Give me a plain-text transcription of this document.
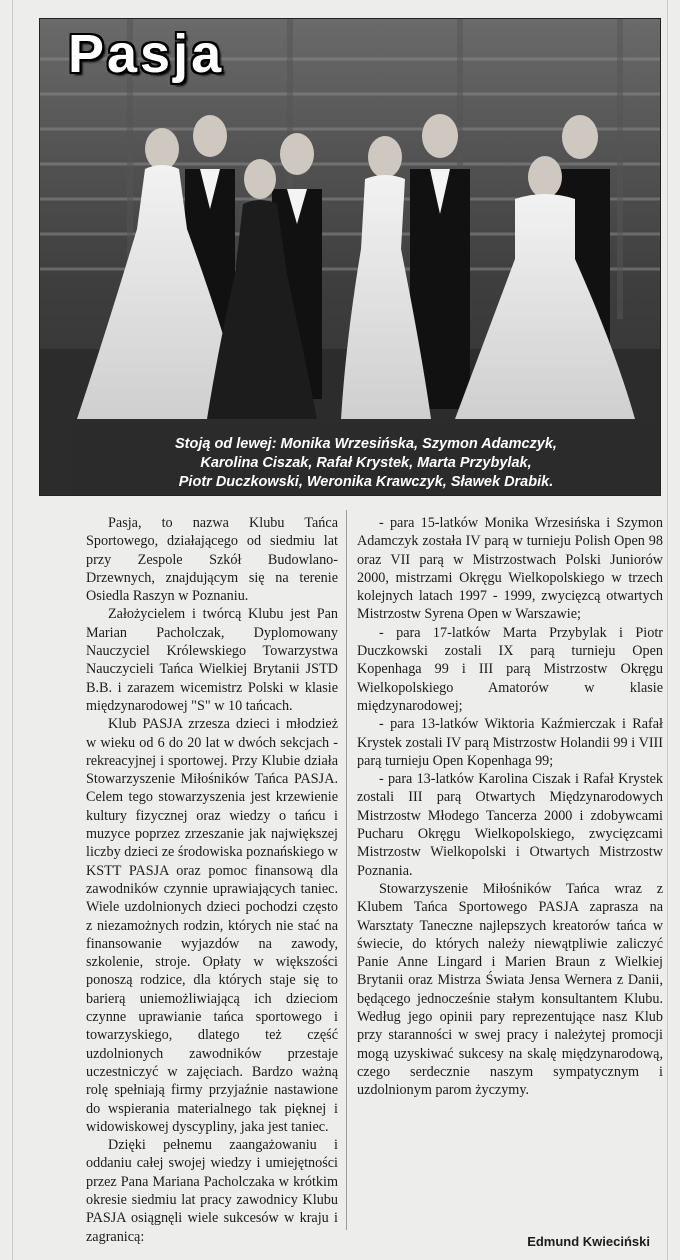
Pasja
Stoją od lewej: Monika Wrzesińska, Szymon Adamczyk,
Karolina Ciszak, Rafał Krystek, Marta Przybylak,
Piotr Duczkowski, Weronika Krawczyk, Sławek Drabik.

Pasja, to nazwa Klubu Tańca Sportowego, działającego od siedmiu lat przy Zespole Szkół Budowlano-Drzewnych, znajdującym się na terenie Osiedla Raszyn w Poznaniu.

Założycielem i twórcą Klubu jest Pan Marian Pacholczak, Dyplomowany Nauczyciel Królewskiego Towarzystwa Nauczycieli Tańca Wielkiej Brytanii JSTD B.B. i zarazem wicemistrz Polski w klasie międzynarodowej "S" w 10 tańcach.

Klub PASJA zrzesza dzieci i młodzież w wieku od 6 do 20 lat w dwóch sekcjach - rekreacyjnej i sportowej. Przy Klubie działa Stowarzyszenie Miłośników Tańca PASJA. Celem tego stowarzyszenia jest krzewienie kultury fizycznej oraz wiedzy o tańcu i muzyce poprzez zrzeszanie jak największej liczby dzieci ze środowiska poznańskiego w KSTT PASJA oraz pomoc finansową dla zawodników czynnie uprawiających taniec. Wiele uzdolnionych dzieci pochodzi często z niezamożnych rodzin, których nie stać na finansowanie wyjazdów na zawody, szkolenie, stroje. Opłaty w większości ponoszą rodzice, dla których staje się to barierą uniemożliwiającą ich dzieciom czynne uprawianie tańca sportowego i towarzyskiego, dlatego też część uzdolnionych zawodników przestaje uczestniczyć w zajęciach. Bardzo ważną rolę spełniają firmy przyjaźnie nastawione do wspierania materialnego tak pięknej i widowiskowej dyscypliny, jaka jest taniec.

Dzięki pełnemu zaangażowaniu i oddaniu całej swojej wiedzy i umiejętności przez Pana Mariana Pacholczaka w krótkim okresie siedmiu lat pracy zawodnicy Klubu PASJA osiągnęli wiele sukcesów w kraju i zagranicą:

- para 15-latków Monika Wrzesińska i Szymon Adamczyk została IV parą w turnieju Polish Open 98 oraz VII parą w Mistrzostwach Polski Juniorów 2000, mistrzami Okręgu Wielkopolskiego w trzech kolejnych latach 1997 - 1999, zwycięzcą otwartych Mistrzostw Syrena Open w Warszawie;

- para 17-latków Marta Przybylak i Piotr Duczkowski zostali IX parą turnieju Open Kopenhaga 99 i III parą Mistrzostw Okręgu Wielkopolskiego Amatorów w klasie międzynarodowej;

- para 13-latków Wiktoria Kaźmierczak i Rafał Krystek zostali IV parą Mistrzostw Holandii 99 i VIII parą turnieju Open Kopenhaga 99;

- para 13-latków Karolina Ciszak i Rafał Krystek zostali III parą Otwartych Międzynarodowych Mistrzostw Młodego Tancerza 2000 i zdobywcami Pucharu Okręgu Wielkopolskiego, zwycięzcami Mistrzostw Wielkopolski i Otwartych Mistrzostw Poznania.

Stowarzyszenie Miłośników Tańca wraz z Klubem Tańca Sportowego PASJA zaprasza na Warsztaty Taneczne najlepszych kreatorów tańca w świecie, do których należy niewątpliwie zaliczyć Panie Anne Lingard i Marien Braun z Wielkiej Brytanii oraz Mistrza Świata Jensa Wernera z Danii, będącego jednocześnie stałym konsultantem Klubu. Według jego opinii pary reprezentujące nasz Klub przy staranności w swej pracy i należytej promocji mogą uzyskiwać sukcesy na skalę międzynarodową, czego serdecznie naszym sympatycznym i uzdolnionym parom życzymy.

Edmund Kwieciński
